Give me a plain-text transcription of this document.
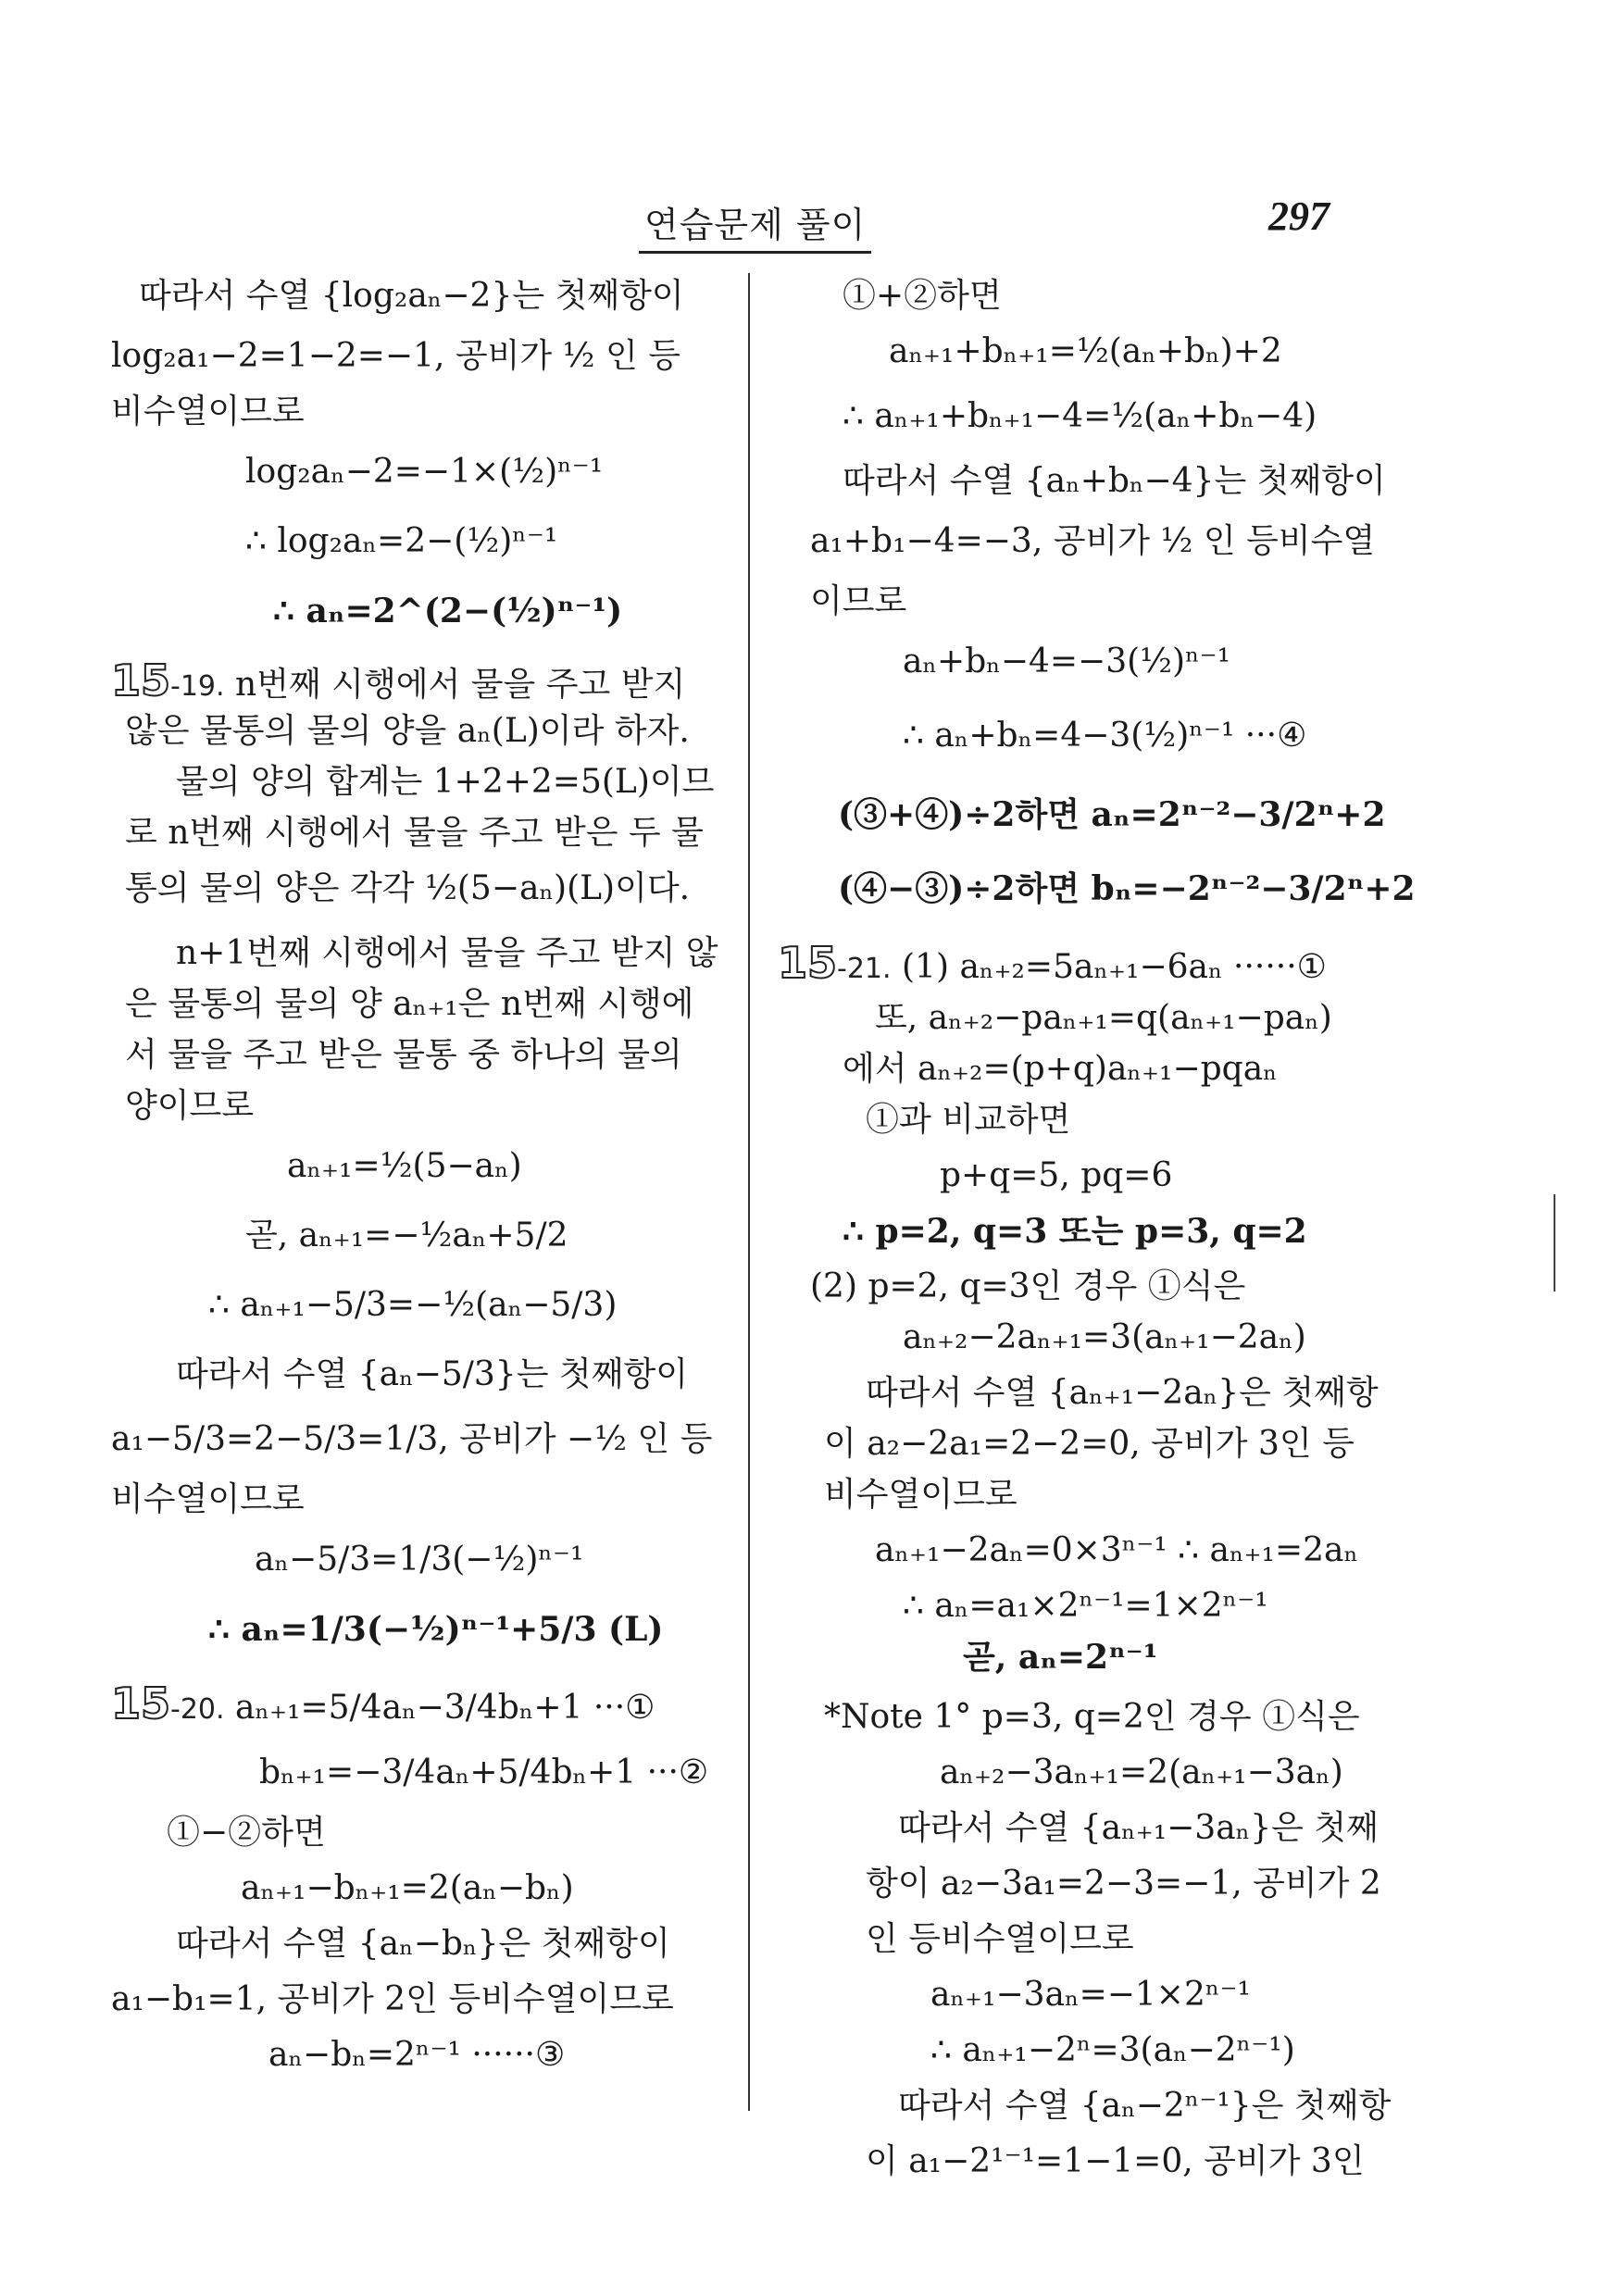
연습문제 풀이	297
따라서 수열 {log₂aₙ−2}는 첫째항이
log₂a₁−2=1−2=−1, 공비가 ½ 인 등
비수열이므로
log₂aₙ−2=−1×(½)ⁿ⁻¹
∴ log₂aₙ=2−(½)ⁿ⁻¹
∴ aₙ=2^(2−(½)ⁿ⁻¹)
15-19. n번째 시행에서 물을 주고 받지
않은 물통의 물의 양을 aₙ(L)이라 하자.
물의 양의 합계는 1+2+2=5(L)이므
로 n번째 시행에서 물을 주고 받은 두 물
통의 물의 양은 각각 ½(5−aₙ)(L)이다.
n+1번째 시행에서 물을 주고 받지 않
은 물통의 물의 양 aₙ₊₁은 n번째 시행에
서 물을 주고 받은 물통 중 하나의 물의
양이므로
aₙ₊₁=½(5−aₙ)
곧, aₙ₊₁=−½aₙ+5/2
∴ aₙ₊₁−5/3=−½(aₙ−5/3)
따라서 수열 {aₙ−5/3}는 첫째항이
a₁−5/3=2−5/3=1/3, 공비가 −½ 인 등
비수열이므로
aₙ−5/3=1/3(−½)ⁿ⁻¹
∴ aₙ=1/3(−½)ⁿ⁻¹+5/3 (L)
15-20. aₙ₊₁=5/4aₙ−3/4bₙ+1 ···①
bₙ₊₁=−3/4aₙ+5/4bₙ+1 ···②
①−②하면
aₙ₊₁−bₙ₊₁=2(aₙ−bₙ)
따라서 수열 {aₙ−bₙ}은 첫째항이
a₁−b₁=1, 공비가 2인 등비수열이므로
aₙ−bₙ=2ⁿ⁻¹ ······③
①+②하면
aₙ₊₁+bₙ₊₁=½(aₙ+bₙ)+2
∴ aₙ₊₁+bₙ₊₁−4=½(aₙ+bₙ−4)
따라서 수열 {aₙ+bₙ−4}는 첫째항이
a₁+b₁−4=−3, 공비가 ½ 인 등비수열
이므로
aₙ+bₙ−4=−3(½)ⁿ⁻¹
∴ aₙ+bₙ=4−3(½)ⁿ⁻¹ ···④
(③+④)÷2하면 aₙ=2ⁿ⁻²−3/2ⁿ+2
(④−③)÷2하면 bₙ=−2ⁿ⁻²−3/2ⁿ+2
15-21. (1) aₙ₊₂=5aₙ₊₁−6aₙ ······①
또, aₙ₊₂−paₙ₊₁=q(aₙ₊₁−paₙ)
에서 aₙ₊₂=(p+q)aₙ₊₁−pqaₙ
①과 비교하면
p+q=5, pq=6
∴ p=2, q=3 또는 p=3, q=2
(2) p=2, q=3인 경우 ①식은
aₙ₊₂−2aₙ₊₁=3(aₙ₊₁−2aₙ)
따라서 수열 {aₙ₊₁−2aₙ}은 첫째항
이 a₂−2a₁=2−2=0, 공비가 3인 등
비수열이므로
aₙ₊₁−2aₙ=0×3ⁿ⁻¹ ∴ aₙ₊₁=2aₙ
∴ aₙ=a₁×2ⁿ⁻¹=1×2ⁿ⁻¹
곧, aₙ=2ⁿ⁻¹
*Note 1° p=3, q=2인 경우 ①식은
aₙ₊₂−3aₙ₊₁=2(aₙ₊₁−3aₙ)
따라서 수열 {aₙ₊₁−3aₙ}은 첫째
항이 a₂−3a₁=2−3=−1, 공비가 2
인 등비수열이므로
aₙ₊₁−3aₙ=−1×2ⁿ⁻¹
∴ aₙ₊₁−2ⁿ=3(aₙ−2ⁿ⁻¹)
따라서 수열 {aₙ−2ⁿ⁻¹}은 첫째항
이 a₁−2¹⁻¹=1−1=0, 공비가 3인
